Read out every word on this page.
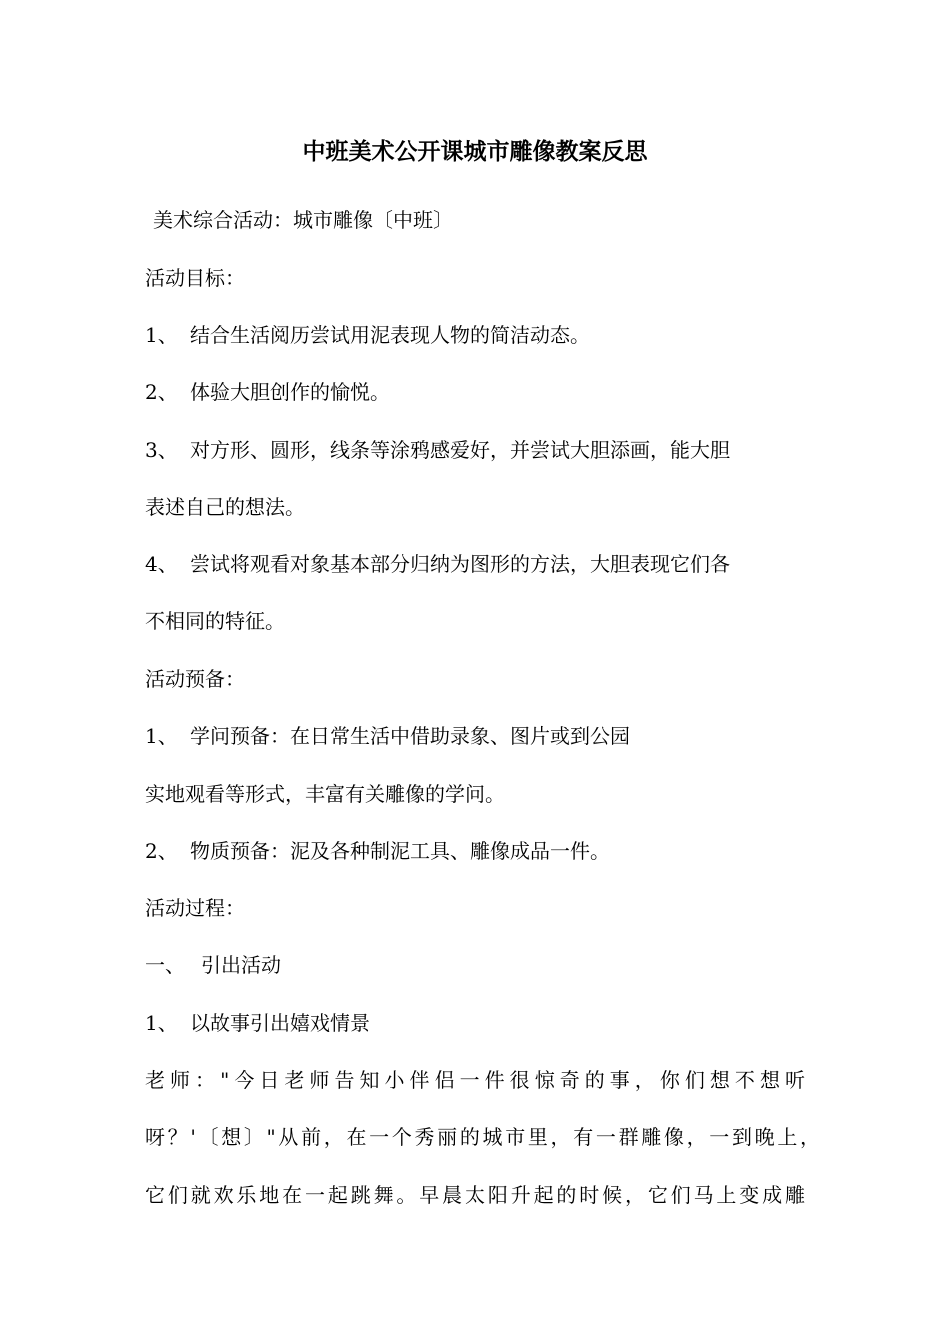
中班美术公开课城市雕像教案反思
美术综合活动：城市雕像〔中班〕
活动目标：
1、 结合生活阅历尝试用泥表现人物的简洁动态。
2、 体验大胆创作的愉悦。
3、 对方形、圆形，线条等涂鸦感爱好，并尝试大胆添画，能大胆
表述自己的想法。
4、 尝试将观看对象基本部分归纳为图形的方法，大胆表现它们各
不相同的特征。
活动预备：
1、 学问预备：在日常生活中借助录象、图片或到公园
实地观看等形式，丰富有关雕像的学问。
2、 物质预备：泥及各种制泥工具、雕像成品一件。
活动过程：
一、 引出活动
1、 以故事引出嬉戏情景
老师："今日老师告知小伴侣一件很惊奇的事，你们想不想听
呀？'〔想〕"从前，在一个秀丽的城市里，有一群雕像，一到晚上，
它们就欢乐地在一起跳舞。早晨太阳升起的时候，它们马上变成雕
